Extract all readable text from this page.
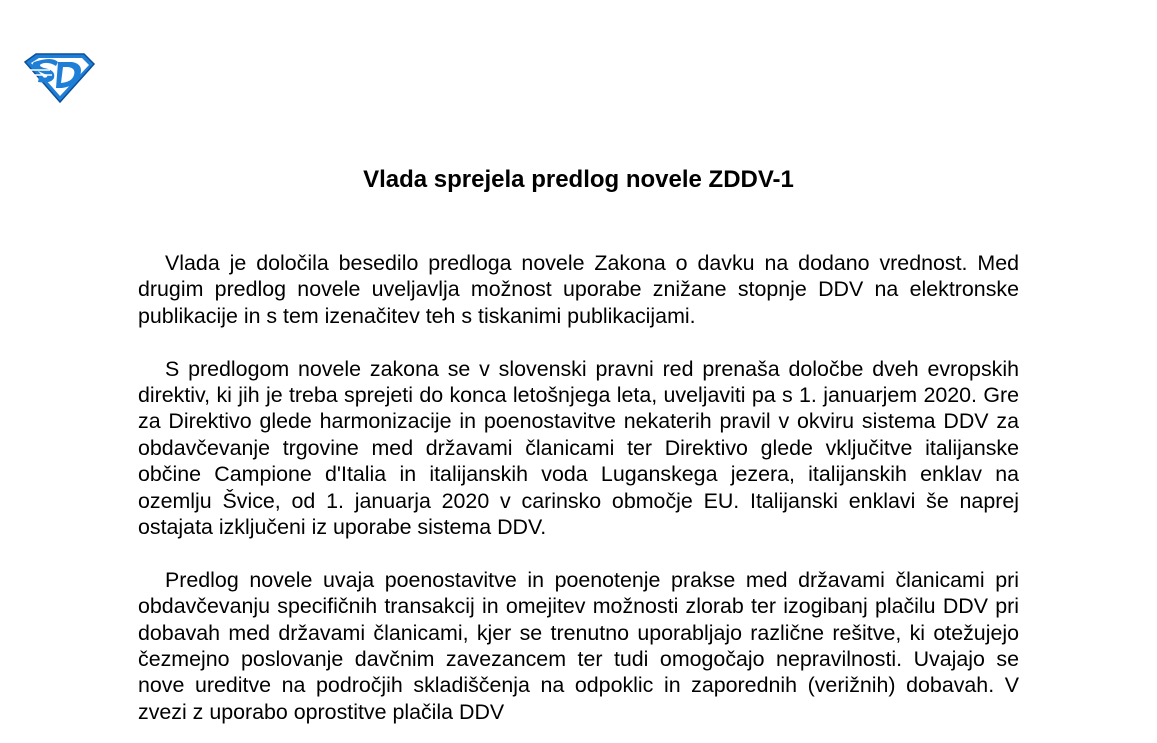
Vlada sprejela predlog novele ZDDV-1

Vlada je določila besedilo predloga novele Zakona o davku na dodano vrednost. Med drugim predlog novele uveljavlja možnost uporabe znižane stopnje DDV na elektronske publikacije in s tem izenačitev teh s tiskanimi publikacijami.

S predlogom novele zakona se v slovenski pravni red prenaša določbe dveh evropskih direktiv, ki jih je treba sprejeti do konca letošnjega leta, uveljaviti pa s 1. januarjem 2020. Gre za Direktivo glede harmonizacije in poenostavitve nekaterih pravil v okviru sistema DDV za obdavčevanje trgovine med državami članicami ter Direktivo glede vključitve italijanske občine Campione d'Italia in italijanskih voda Luganskega jezera, italijanskih enklav na ozemlju Švice, od 1. januarja 2020 v carinsko območje EU. Italijanski enklavi še naprej ostajata izključeni iz uporabe sistema DDV.

Predlog novele uvaja poenostavitve in poenotenje prakse med državami članicami pri obdavčevanju specifičnih transakcij in omejitev možnosti zlorab ter izogibanj plačilu DDV pri dobavah med državami članicami, kjer se trenutno uporabljajo različne rešitve, ki otežujejo čezmejno poslovanje davčnim zavezancem ter tudi omogočajo nepravilnosti. Uvajajo se nove ureditve na področjih skladiščenja na odpoklic in zaporednih (verižnih) dobavah. V zvezi z uporabo oprostitve plačila DDV
